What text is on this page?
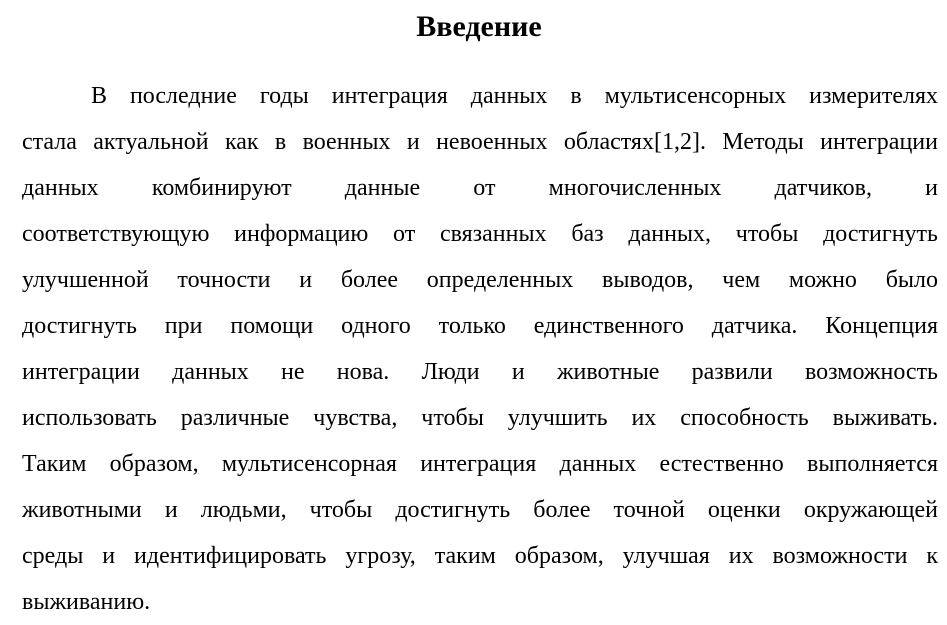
Введение
В последние годы интеграция данных в мультисенсорных измерителях
стала актуальной как в военных и невоенных областях[1,2]. Методы интеграции
данных комбинируют данные от многочисленных датчиков, и
соответствующую информацию от связанных баз данных, чтобы достигнуть
улучшенной точности и более определенных выводов, чем можно было
достигнуть при помощи одного только единственного датчика. Концепция
интеграции данных не нова. Люди и животные развили возможность
использовать различные чувства, чтобы улучшить их способность выживать.
Таким образом, мультисенсорная интеграция данных естественно выполняется
животными и людьми, чтобы достигнуть более точной оценки окружающей
среды и идентифицировать угрозу, таким образом, улучшая их возможности к
выживанию.
